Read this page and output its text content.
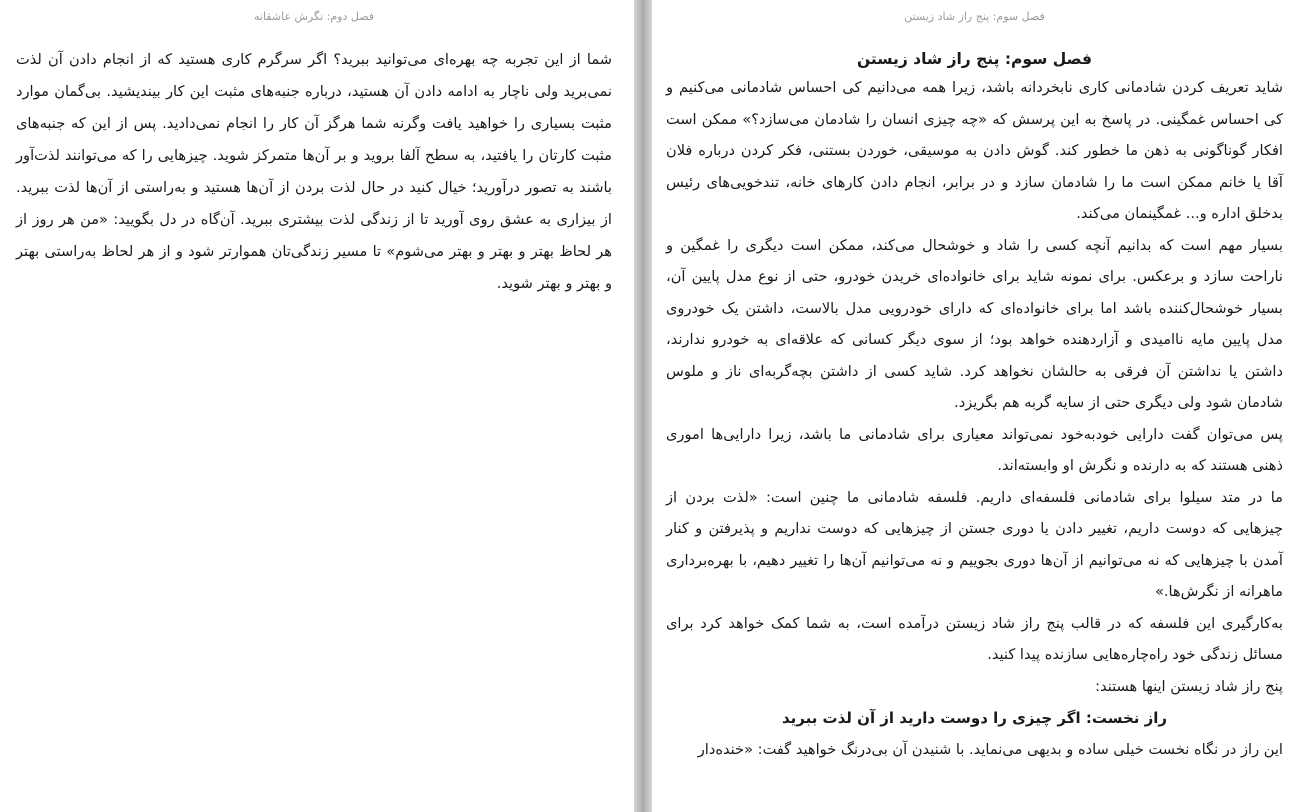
فصل دوم: نگرش عاشقانه

شما از این تجربه چه بهره‌ای می‌توانید ببرید؟ اگر سرگرم کاری هستید که از انجام دادن آن لذت نمی‌برید ولی ناچار به ادامه دادن آن هستید، درباره جنبه‌های مثبت این کار بیندیشید. بی‌گمان موارد مثبت بسیاری را خواهید یافت وگرنه شما هرگز آن کار را انجام نمی‌دادید. پس از این که جنبه‌های مثبت کارتان را یافتید، به سطح آلفا بروید و بر آن‌ها متمرکز شوید. چیزهایی را که می‌توانند لذت‌آور باشند به تصور درآورید؛ خیال کنید در حال لذت بردن از آن‌ها هستید و به‌راستی از آن‌ها لذت ببرید. از بیزاری به عشق روی آورید تا از زندگی لذت بیشتری ببرید. آن‌گاه در دل بگویید: «من هر روز از هر لحاظ بهتر و بهتر و بهتر می‌شوم» تا مسیر زندگی‌تان هموارتر شود و از هر لحاظ به‌راستی بهتر و بهتر و بهتر شوید.

فصل سوم: پنج راز شاد زیستن
فصل سوم: پنج راز شاد زیستن

شاید تعریف کردن شادمانی کاری نابخردانه باشد، زیرا همه می‌دانیم کی احساس شادمانی می‌کنیم و کی احساس غمگینی. در پاسخ به این پرسش که «چه چیزی انسان را شادمان می‌سازد؟» ممکن است افکار گوناگونی به ذهن ما خطور کند. گوش دادن به موسیقی، خوردن بستنی، فکر کردن درباره فلان آقا یا خانم ممکن است ما را شادمان سازد و در برابر، انجام دادن کارهای خانه، تندخویی‌های رئیس بدخلق اداره و... غمگینمان می‌کند.

بسیار مهم است که بدانیم آنچه کسی را شاد و خوشحال می‌کند، ممکن است دیگری را غمگین و ناراحت سازد و برعکس. برای نمونه شاید برای خانواده‌ای خریدن خودرو، حتی از نوع مدل پایین آن، بسیار خوشحال‌کننده باشد اما برای خانواده‌ای که دارای خودرویی مدل بالاست، داشتن یک خودروی مدل پایین مایه ناامیدی و آزاردهنده خواهد بود؛ از سوی دیگر کسانی که علاقه‌ای به خودرو ندارند، داشتن یا نداشتن آن فرقی به حالشان نخواهد کرد. شاید کسی از داشتن بچه‌گربه‌ای ناز و ملوس شادمان شود ولی دیگری حتی از سایه گربه هم بگریزد.

پس می‌توان گفت دارایی خودبه‌خود نمی‌تواند معیاری برای شادمانی ما باشد، زیرا دارایی‌ها اموری ذهنی هستند که به دارنده و نگرش او وابسته‌اند.

ما در متد سیلوا برای شادمانی فلسفه‌ای داریم. فلسفه شادمانی ما چنین است: «لذت بردن از چیزهایی که دوست داریم، تغییر دادن یا دوری جستن از چیزهایی که دوست نداریم و پذیرفتن و کنار آمدن با چیزهایی که نه می‌توانیم از آن‌ها دوری بجوییم و نه می‌توانیم آن‌ها را تغییر دهیم، با بهره‌برداری ماهرانه از نگرش‌ها.»

به‌کارگیری این فلسفه که در قالب پنج راز شاد زیستن درآمده است، به شما کمک خواهد کرد برای مسائل زندگی خود راه‌چاره‌هایی سازنده پیدا کنید.

پنج راز شاد زیستن اینها هستند:

راز نخست: اگر چیزی را دوست دارید از آن لذت ببرید

این راز در نگاه نخست خیلی ساده و بدیهی می‌نماید. با شنیدن آن بی‌درنگ خواهید گفت: «خنده‌دار
